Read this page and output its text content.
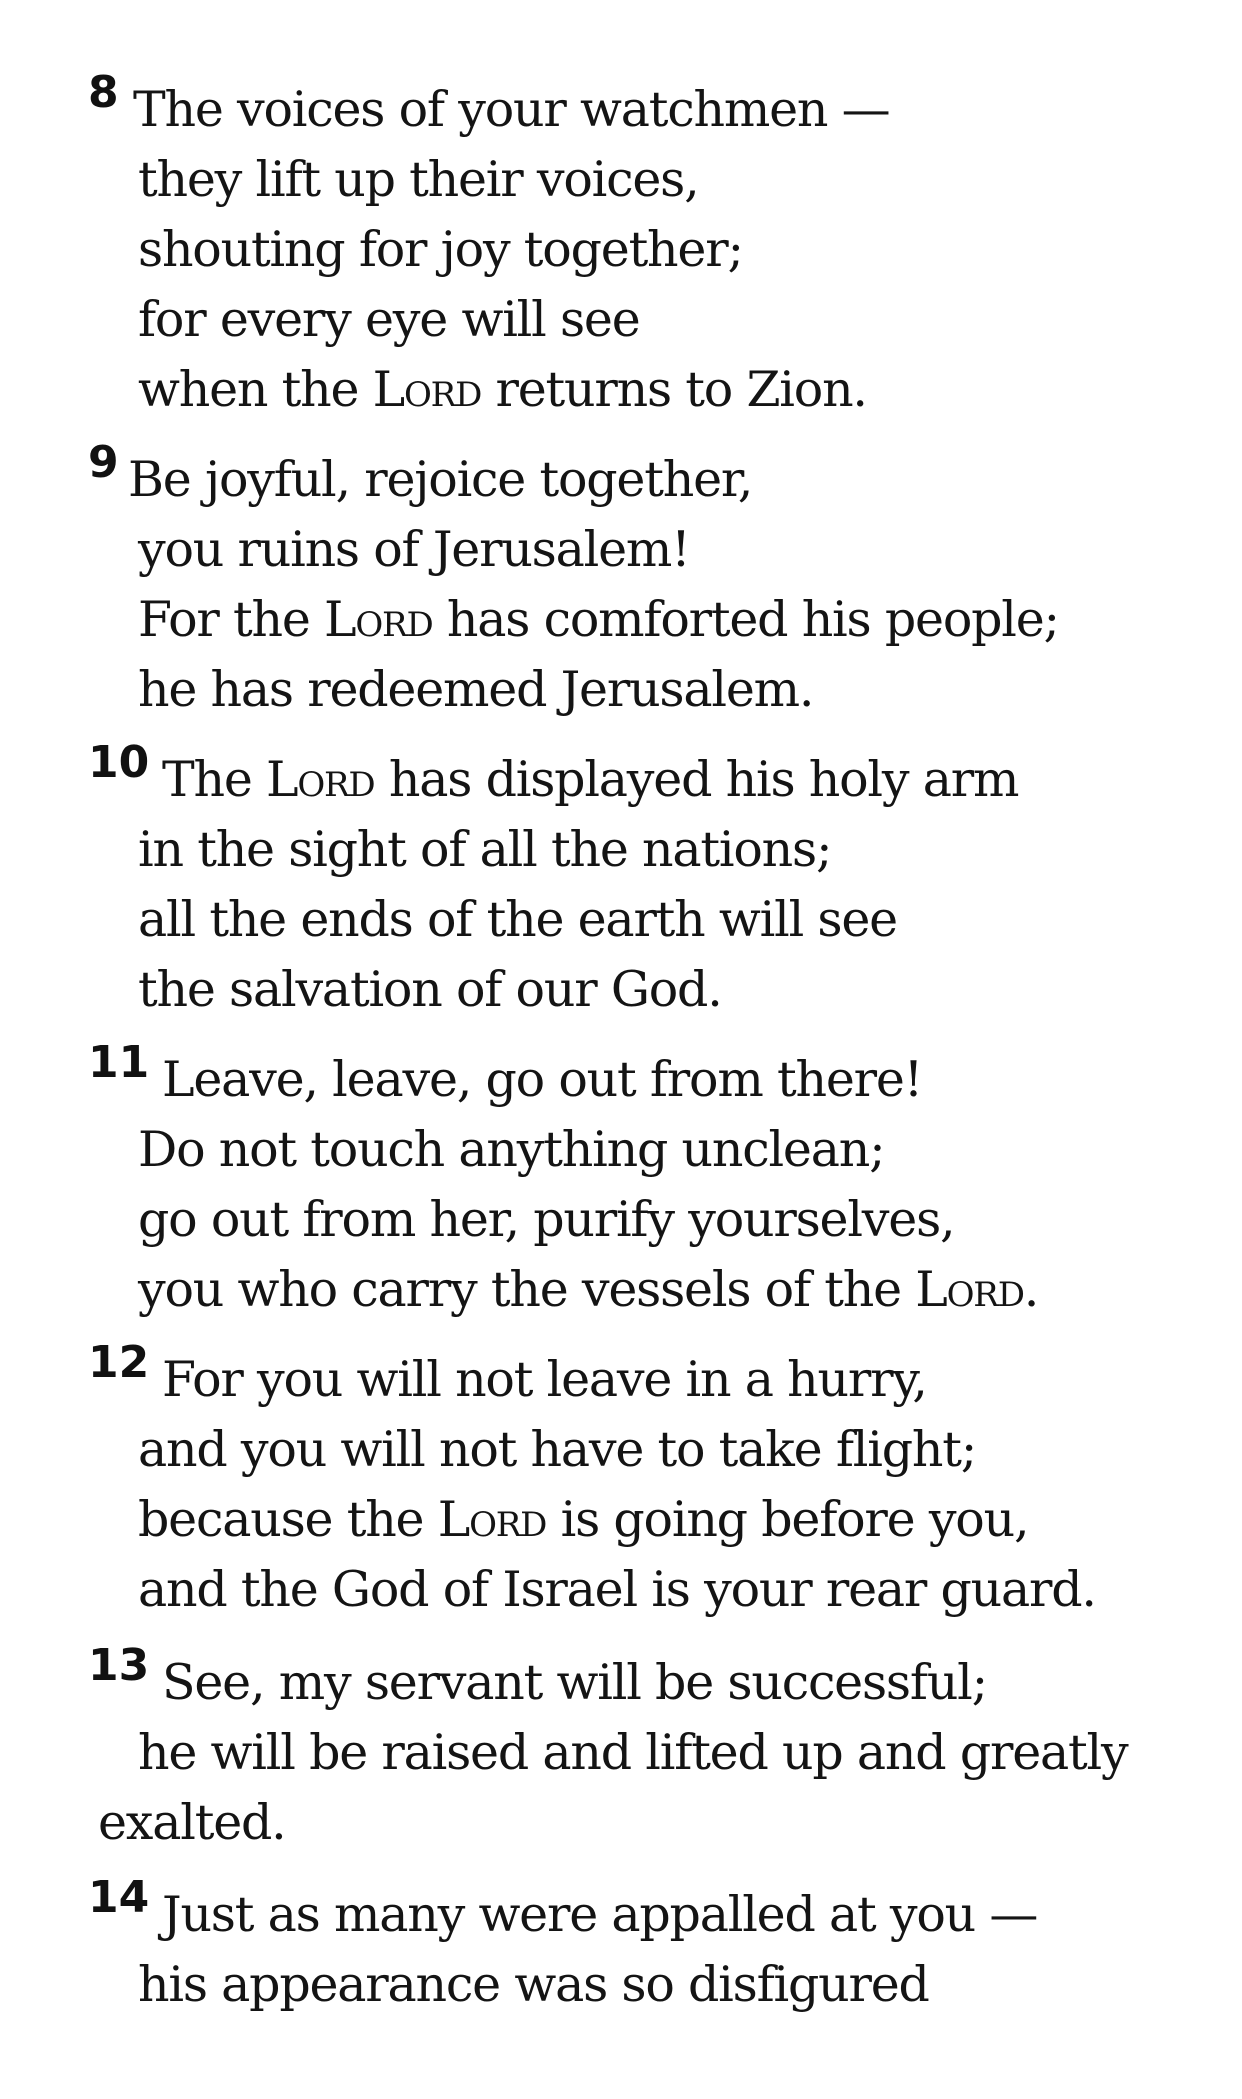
8 The voices of your watchmen —
they lift up their voices,
shouting for joy together;
for every eye will see
when the Lord returns to Zion.
9 Be joyful, rejoice together,
you ruins of Jerusalem!
For the Lord has comforted his people;
he has redeemed Jerusalem.
10 The Lord has displayed his holy arm
in the sight of all the nations;
all the ends of the earth will see
the salvation of our God.
11 Leave, leave, go out from there!
Do not touch anything unclean;
go out from her, purify yourselves,
you who carry the vessels of the Lord.
12 For you will not leave in a hurry,
and you will not have to take flight;
because the Lord is going before you,
and the God of Israel is your rear guard.
13 See, my servant will be successful;
he will be raised and lifted up and greatly
exalted.
14 Just as many were appalled at you —
his appearance was so disfigured
